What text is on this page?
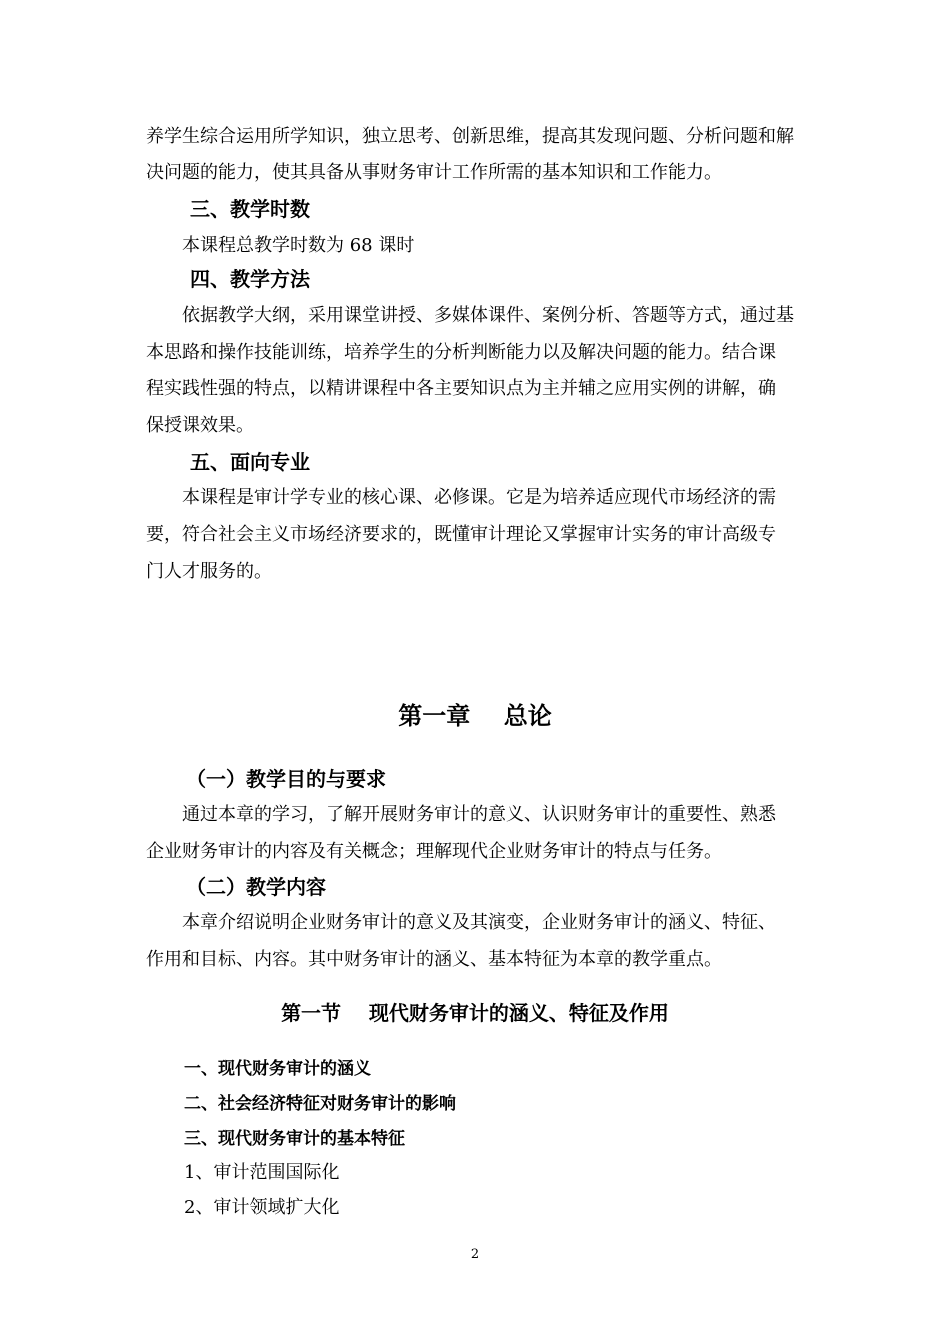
养学生综合运用所学知识，独立思考、创新思维，提高其发现问题、分析问题和解
决问题的能力，使其具备从事财务审计工作所需的基本知识和工作能力。
三、教学时数
本课程总教学时数为 68 课时
四、教学方法
依据教学大纲，采用课堂讲授、多媒体课件、案例分析、答题等方式，通过基
本思路和操作技能训练，培养学生的分析判断能力以及解决问题的能力。结合课
程实践性强的特点，以精讲课程中各主要知识点为主并辅之应用实例的讲解，确
保授课效果。
五、面向专业
本课程是审计学专业的核心课、必修课。它是为培养适应现代市场经济的需
要，符合社会主义市场经济要求的，既懂审计理论又掌握审计实务的审计高级专
门人才服务的。
第一章    总论
（一）教学目的与要求
通过本章的学习，了解开展财务审计的意义、认识财务审计的重要性、熟悉
企业财务审计的内容及有关概念；理解现代企业财务审计的特点与任务。
（二）教学内容
本章介绍说明企业财务审计的意义及其演变，企业财务审计的涵义、特征、
作用和目标、内容。其中财务审计的涵义、基本特征为本章的教学重点。
第一节    现代财务审计的涵义、特征及作用
一、现代财务审计的涵义
二、社会经济特征对财务审计的影响
三、现代财务审计的基本特征
1、审计范围国际化
2、审计领域扩大化
2
